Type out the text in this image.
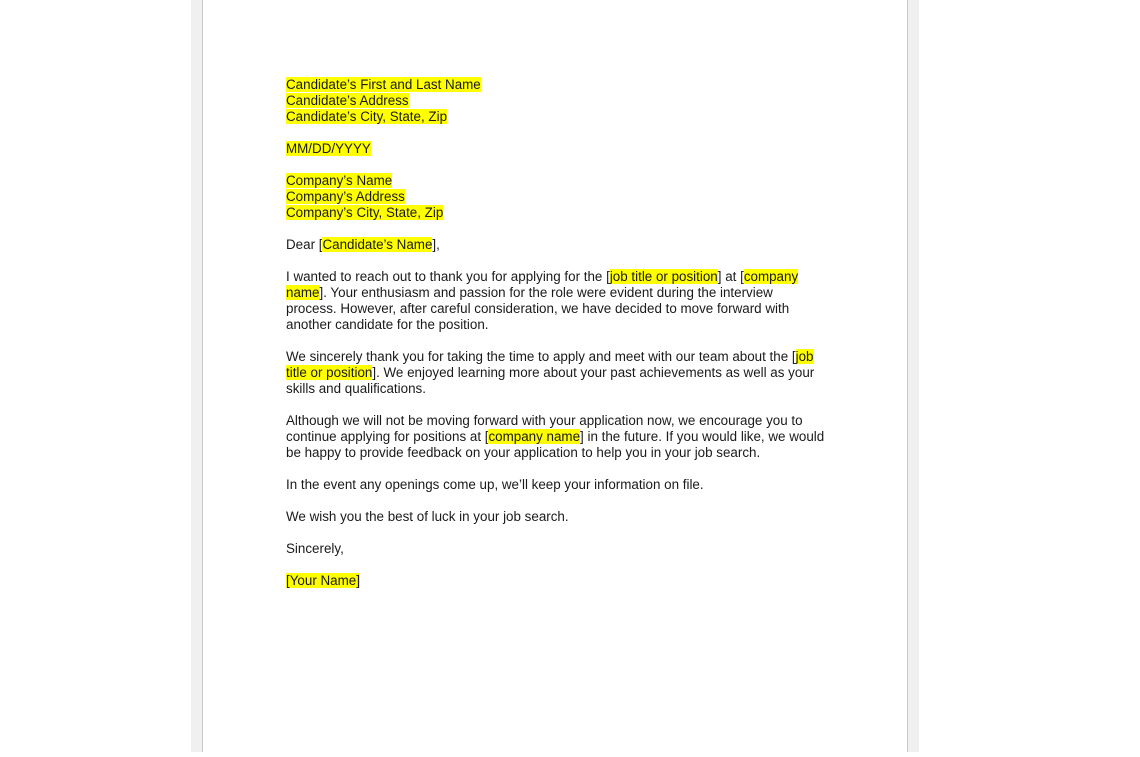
Candidate’s First and Last Name
Candidate’s Address
Candidate’s City, State, Zip
MM/DD/YYYY
Company’s Name
Company’s Address
Company’s City, State, Zip
Dear [Candidate’s Name],
I wanted to reach out to thank you for applying for the [job title or position] at [company name]. Your enthusiasm and passion for the role were evident during the interview process. However, after careful consideration, we have decided to move forward with another candidate for the position.
We sincerely thank you for taking the time to apply and meet with our team about the [job title or position]. We enjoyed learning more about your past achievements as well as your skills and qualifications.
Although we will not be moving forward with your application now, we encourage you to continue applying for positions at [company name] in the future. If you would like, we would be happy to provide feedback on your application to help you in your job search.
In the event any openings come up, we’ll keep your information on file.
We wish you the best of luck in your job search.
Sincerely,
[Your Name]
